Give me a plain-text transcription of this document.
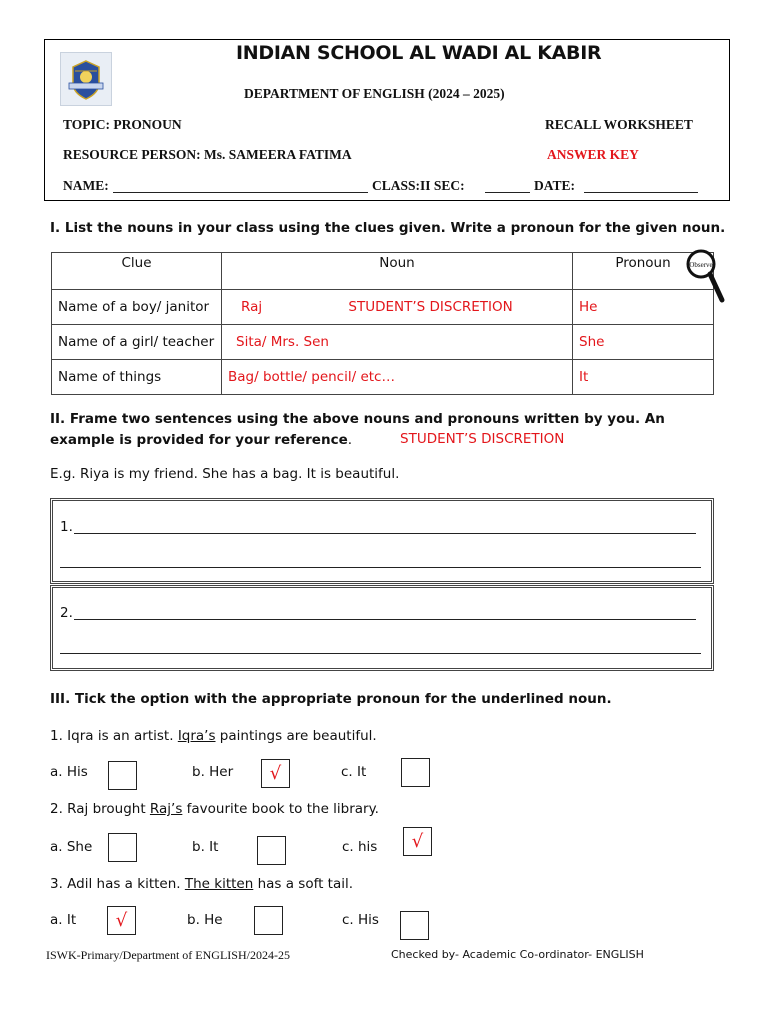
INDIAN SCHOOL AL WADI AL KABIR
DEPARTMENT OF ENGLISH (2024 – 2025)
TOPIC: PRONOUN	RECALL WORKSHEET
RESOURCE PERSON: Ms. SAMEERA FATIMA	ANSWER KEY
NAME:	CLASS:II SEC:	DATE:
I. List the nouns in your class using the clues given. Write a pronoun for the given noun.
Clue	Noun	Pronoun
Name of a boy/ janitor	Raj STUDENT’S DISCRETION	He
Name of a girl/ teacher	Sita/ Mrs. Sen	She
Name of things	Bag/ bottle/ pencil/ etc…	It
Observe
II. Frame two sentences using the above nouns and pronouns written by you. An
example is provided for your reference.	STUDENT’S DISCRETION
E.g. Riya is my friend. She has a bag. It is beautiful.
1.
2.
III. Tick the option with the appropriate pronoun for the underlined noun.
1. Iqra is an artist. Iqra’s paintings are beautiful.
a. His	b. Her	√	c. It
2. Raj brought Raj’s favourite book to the library.
a. She	b. It	c. his	√
3. Adil has a kitten. The kitten has a soft tail.
a. It	√	b. He	c. His
ISWK-Primary/Department of ENGLISH/2024-25	Checked by- Academic Co-ordinator- ENGLISH
